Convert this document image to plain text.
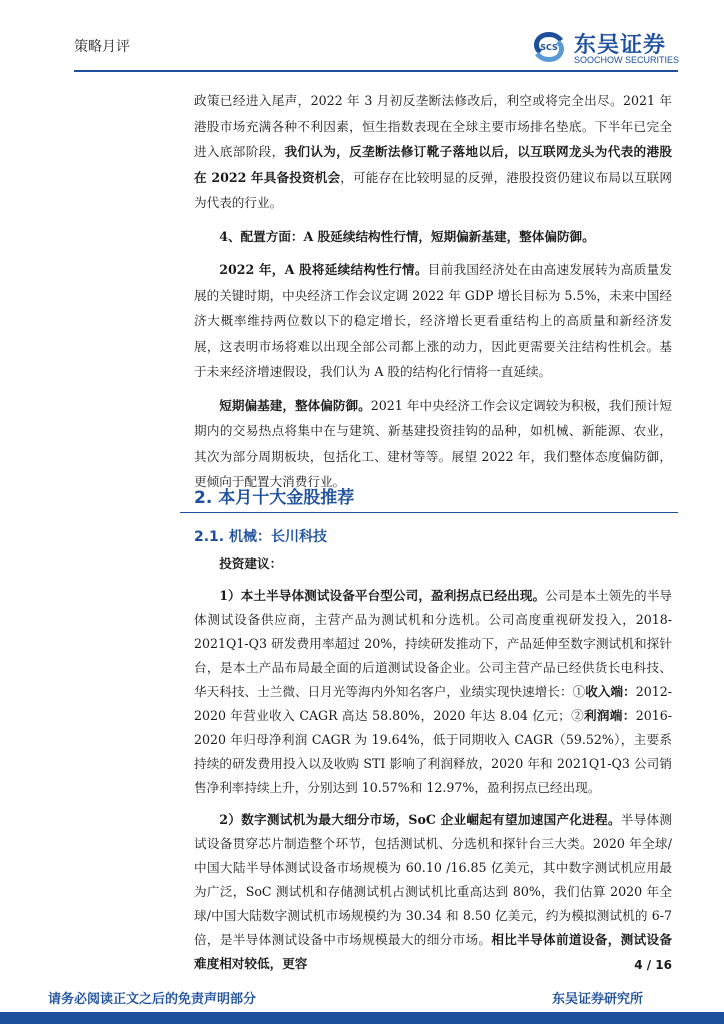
策略月评	SCS 东吴证券
SOOCHOW SECURITIES

政策已经进入尾声，2022 年 3 月初反垄断法修改后，利空或将完全出尽。2021 年港股市场充满各种不利因素，恒生指数表现在全球主要市场排名垫底。下半年已完全进入底部阶段，我们认为，反垄断法修订靴子落地以后，以互联网龙头为代表的港股在 2022 年具备投资机会，可能存在比较明显的反弹，港股投资仍建议布局以互联网为代表的行业。

4、配置方面：A 股延续结构性行情，短期偏新基建，整体偏防御。

2022 年，A 股将延续结构性行情。目前我国经济处在由高速发展转为高质量发展的关键时期，中央经济工作会议定调 2022 年 GDP 增长目标为 5.5%，未来中国经济大概率维持两位数以下的稳定增长，经济增长更看重结构上的高质量和新经济发展，这表明市场将难以出现全部公司都上涨的动力，因此更需要关注结构性机会。基于未来经济增速假设，我们认为 A 股的结构化行情将一直延续。

短期偏基建，整体偏防御。2021 年中央经济工作会议定调较为积极，我们预计短期内的交易热点将集中在与建筑、新基建投资挂钩的品种，如机械、新能源、农业，其次为部分周期板块，包括化工、建材等等。展望 2022 年，我们整体态度偏防御，更倾向于配置大消费行业。

2. 本月十大金股推荐
2.1. 机械：长川科技

投资建议：

1）本土半导体测试设备平台型公司，盈利拐点已经出现。公司是本土领先的半导体测试设备供应商，主营产品为测试机和分选机。公司高度重视研发投入，2018-2021Q1-Q3 研发费用率超过 20%，持续研发推动下，产品延伸至数字测试机和探针台，是本土产品布局最全面的后道测试设备企业。公司主营产品已经供货长电科技、华天科技、士兰微、日月光等海内外知名客户，业绩实现快速增长：①收入端：2012-2020 年营业收入 CAGR 高达 58.80%，2020 年达 8.04 亿元；②利润端：2016-2020 年归母净利润 CAGR 为 19.64%，低于同期收入 CAGR（59.52%），主要系持续的研发费用投入以及收购 STI 影响了利润释放，2020 年和 2021Q1-Q3 公司销售净利率持续上升，分别达到 10.57%和 12.97%，盈利拐点已经出现。

2）数字测试机为最大细分市场，SoC 企业崛起有望加速国产化进程。半导体测试设备贯穿芯片制造整个环节，包括测试机、分选机和探针台三大类。2020 年全球/中国大陆半导体测试设备市场规模为 60.10 /16.85 亿美元，其中数字测试机应用最为广泛，SoC 测试机和存储测试机占测试机比重高达到 80%，我们估算 2020 年全球/中国大陆数字测试机市场规模约为 30.34 和 8.50 亿美元，约为模拟测试机的 6-7 倍，是半导体测试设备中市场规模最大的细分市场。相比半导体前道设备，测试设备难度相对较低，更容	4 / 16
请务必阅读正文之后的免责声明部分	东吴证券研究所
